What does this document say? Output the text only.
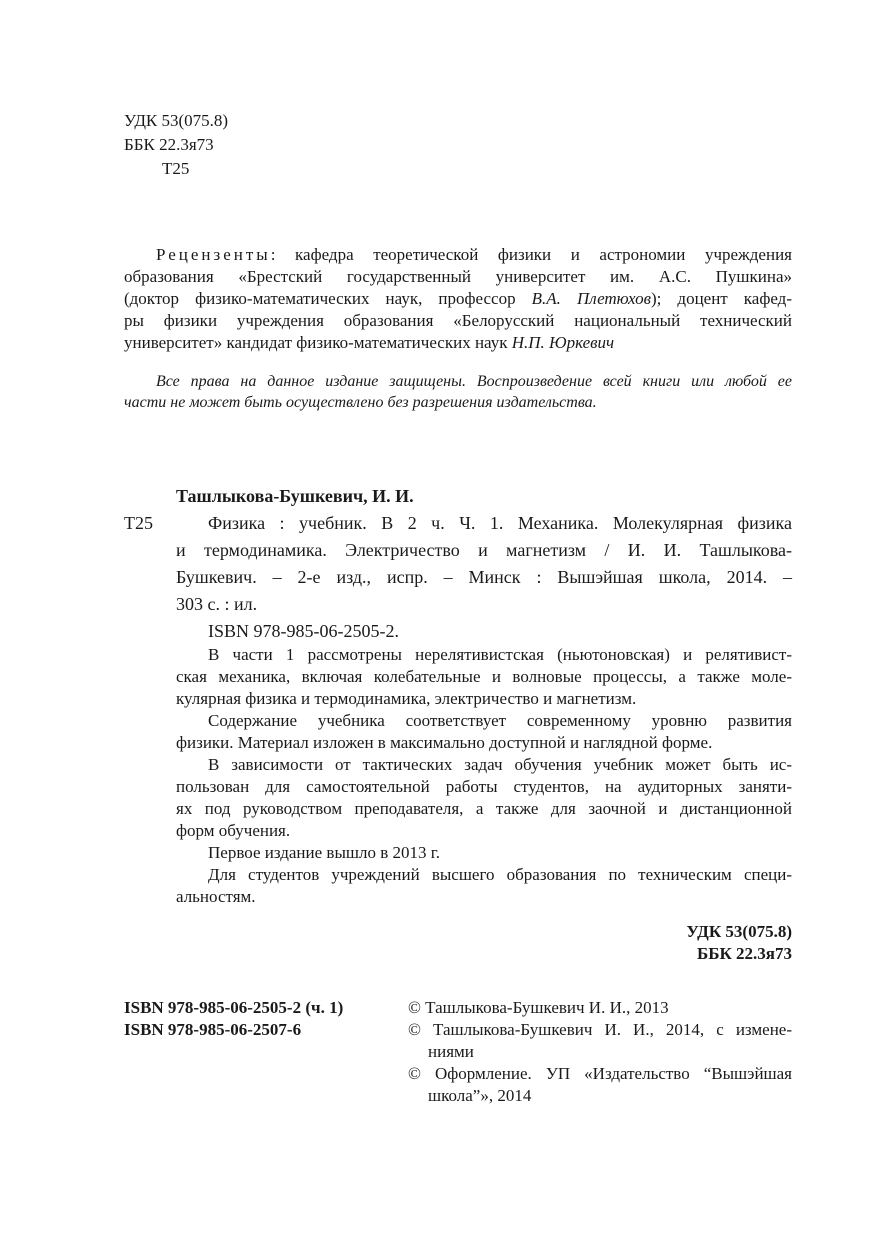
УДК 53(075.8)
ББК 22.3я73
Т25
Рецензенты: кафедра теоретической физики и астрономии учреждения
образования «Брестский государственный университет им. А.С. Пушкина»
(доктор физико-математических наук, профессор В.А. Плетюхов); доцент кафед-
ры физики учреждения образования «Белорусский национальный технический
университет» кандидат физико-математических наук Н.П. Юркевич
Все права на данное издание защищены. Воспроизведение всей книги или любой ее
части не может быть осуществлено без разрешения издательства.
Ташлыкова-Бушкевич, И. И.
Т25	Физика : учебник. В 2 ч. Ч. 1. Механика. Молекулярная физика
и термодинамика. Электричество и магнетизм / И. И. Ташлыкова-
Бушкевич. – 2-е изд., испр. – Минск : Вышэйшая школа, 2014. –
303 с. : ил.
ISBN 978-985-06-2505-2.
В части 1 рассмотрены нерелятивистская (ньютоновская) и релятивист-
ская механика, включая колебательные и волновые процессы, а также моле-
кулярная физика и термодинамика, электричество и магнетизм.
Содержание учебника соответствует современному уровню развития
физики. Материал изложен в максимально доступной и наглядной форме.
В зависимости от тактических задач обучения учебник может быть ис-
пользован для самостоятельной работы студентов, на аудиторных заняти-
ях под руководством преподавателя, а также для заочной и дистанционной
форм обучения.
Первое издание вышло в 2013 г.
Для студентов учреждений высшего образования по техническим специ-
альностям.
УДК 53(075.8)
ББК 22.3я73
ISBN 978-985-06-2505-2 (ч. 1)
ISBN 978-985-06-2507-6
© Ташлыкова-Бушкевич И. И., 2013
© Ташлыкова-Бушкевич И. И., 2014, с измене-
ниями
© Оформление. УП «Издательство “Вышэйшая
школа”», 2014
